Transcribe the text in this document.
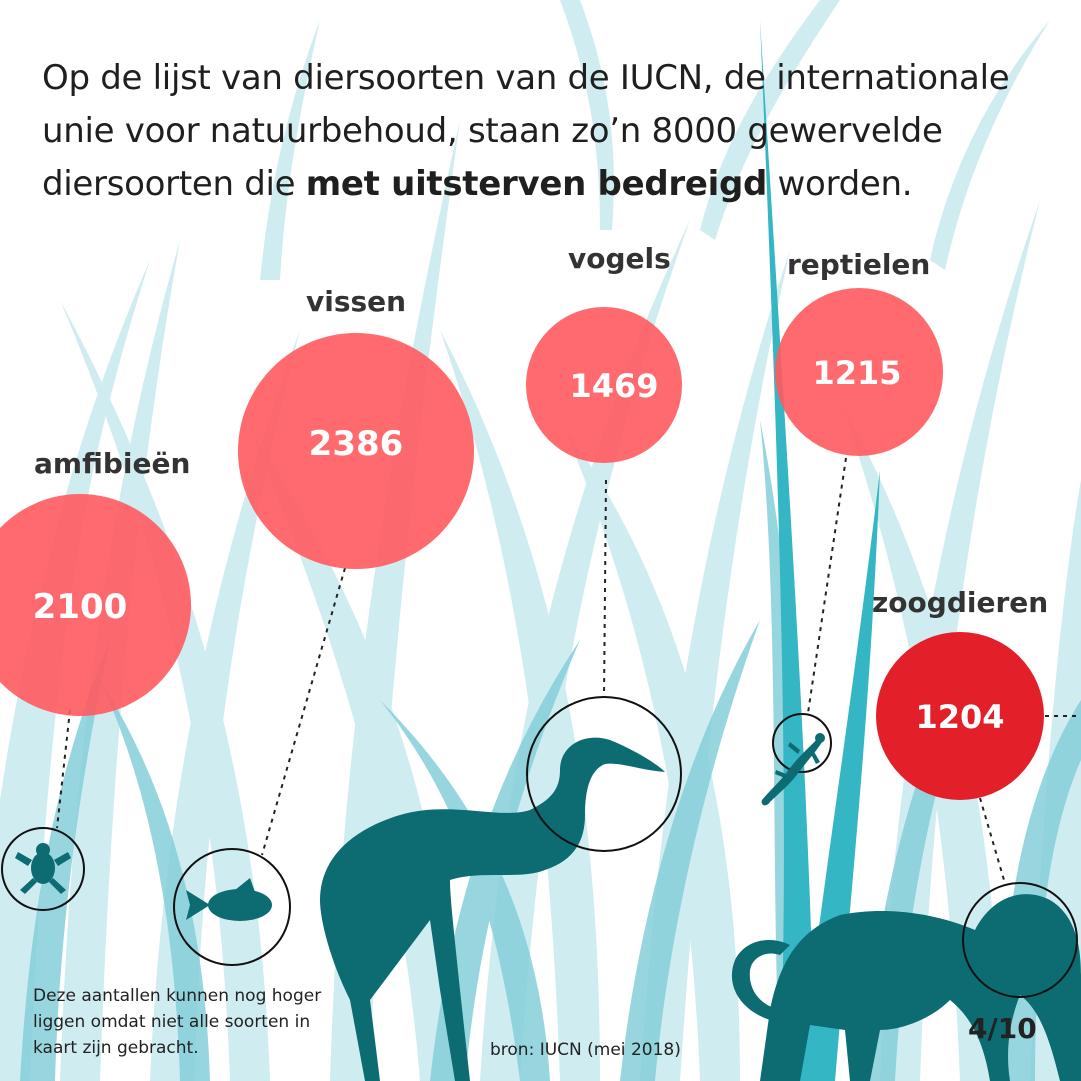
2100
2386
1469	1215
1204

Op de lijst van diersoorten van de IUCN, de internationale unie voor natuurbehoud, staan zo’n 8000 gewervelde diersoorten die met uitsterven bedreigd worden.

amfibieën
vissen
vogels	reptielen
zoogdieren
Deze aantallen kunnen nog hoger liggen omdat niet alle soorten in kaart zijn gebracht.	bron: IUCN (mei 2018)
4/10
